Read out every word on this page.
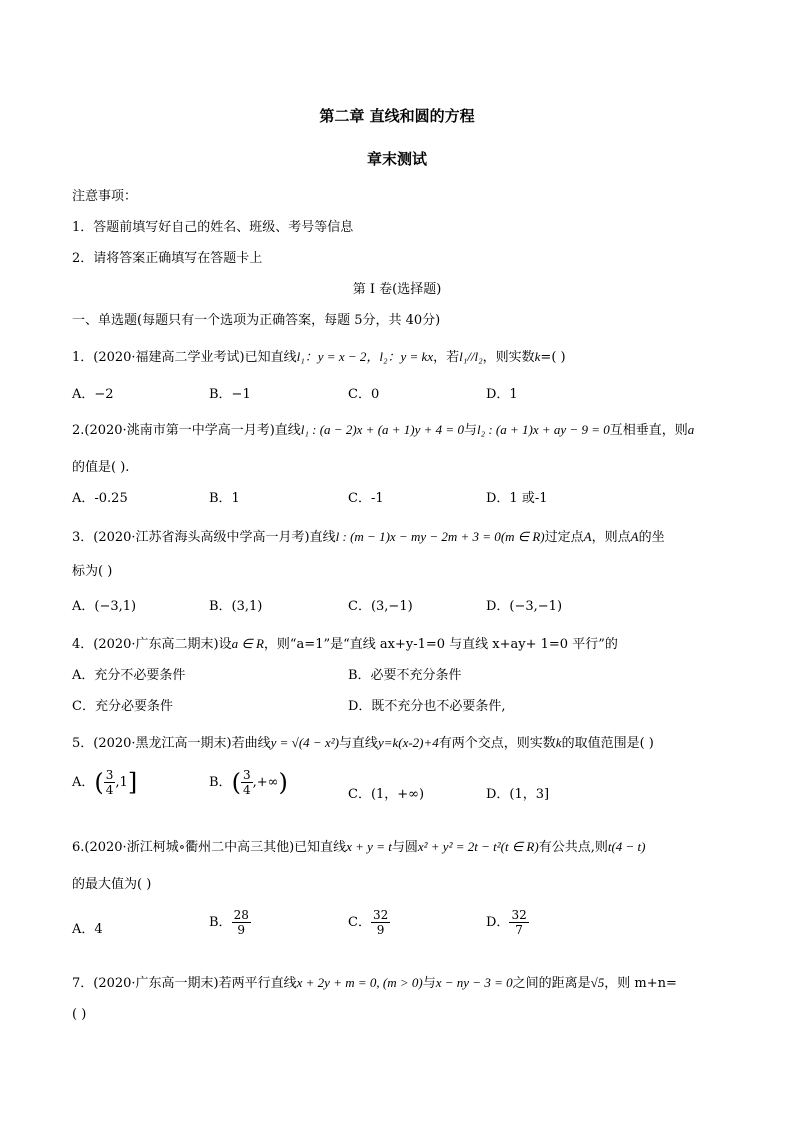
第二章 直线和圆的方程
章末测试
注意事项：
1．答题前填写好自己的姓名、班级、考号等信息
2．请将答案正确填写在答题卡上
第 I 卷(选择题)
一、单选题(每题只有一个选项为正确答案，每题 5分，共 40分)
1．(2020·福建高二学业考试)已知直线l₁：y = x − 2，l₂：y = kx，若l₁//l₂，则实数k=( )
A．−2	B．−1	C．0	D．1
2.(2020·洮南市第一中学高一月考)直线l₁ : (a − 2)x + (a + 1)y + 4 = 0与l₂ : (a + 1)x + ay − 9 = 0互相垂直，则a
的值是( ).
A．-0.25	B．1	C．-1	D．1 或-1
3．(2020·江苏省海头高级中学高一月考)直线l : (m − 1)x − my − 2m + 3 = 0(m ∈ R)过定点A，则点A的坐
标为( )
A．(−3,1)	B．(3,1)	C．(3,−1)	D．(−3,−1)
4．(2020·广东高二期末)设a ∈ R，则“a=1”是“直线 ax+y-1=0 与直线 x+ay+ 1=0 平行”的
A．充分不必要条件	B．必要不充分条件
C．充分必要条件	D．既不充分也不必要条件,
5．(2020·黑龙江高一期末)若曲线y = √(4 − x²)与直线y=k(x-2)+4有两个交点，则实数k的取值范围是( )
A．( $\frac{3}{4} ,1$]	B．( $\frac{3}{4}$ ,+∞)	C．(1，+∞)	D．(1，3]
6.(2020·浙江柯城∘衢州二中高三其他)已知直线x + y = t与圆x² + y² = 2t − t²(t ∈ R)有公共点,则t(4 − t)
的最大值为( )
A．4	B． $\frac{28}{9}$	C． $\frac{32}{9}$	D． $\frac{32}{7}$
7．(2020·广东高一期末)若两平行直线x + 2y + m = 0, (m > 0)与x − ny − 3 = 0之间的距离是√5，则 m+n=
( )
